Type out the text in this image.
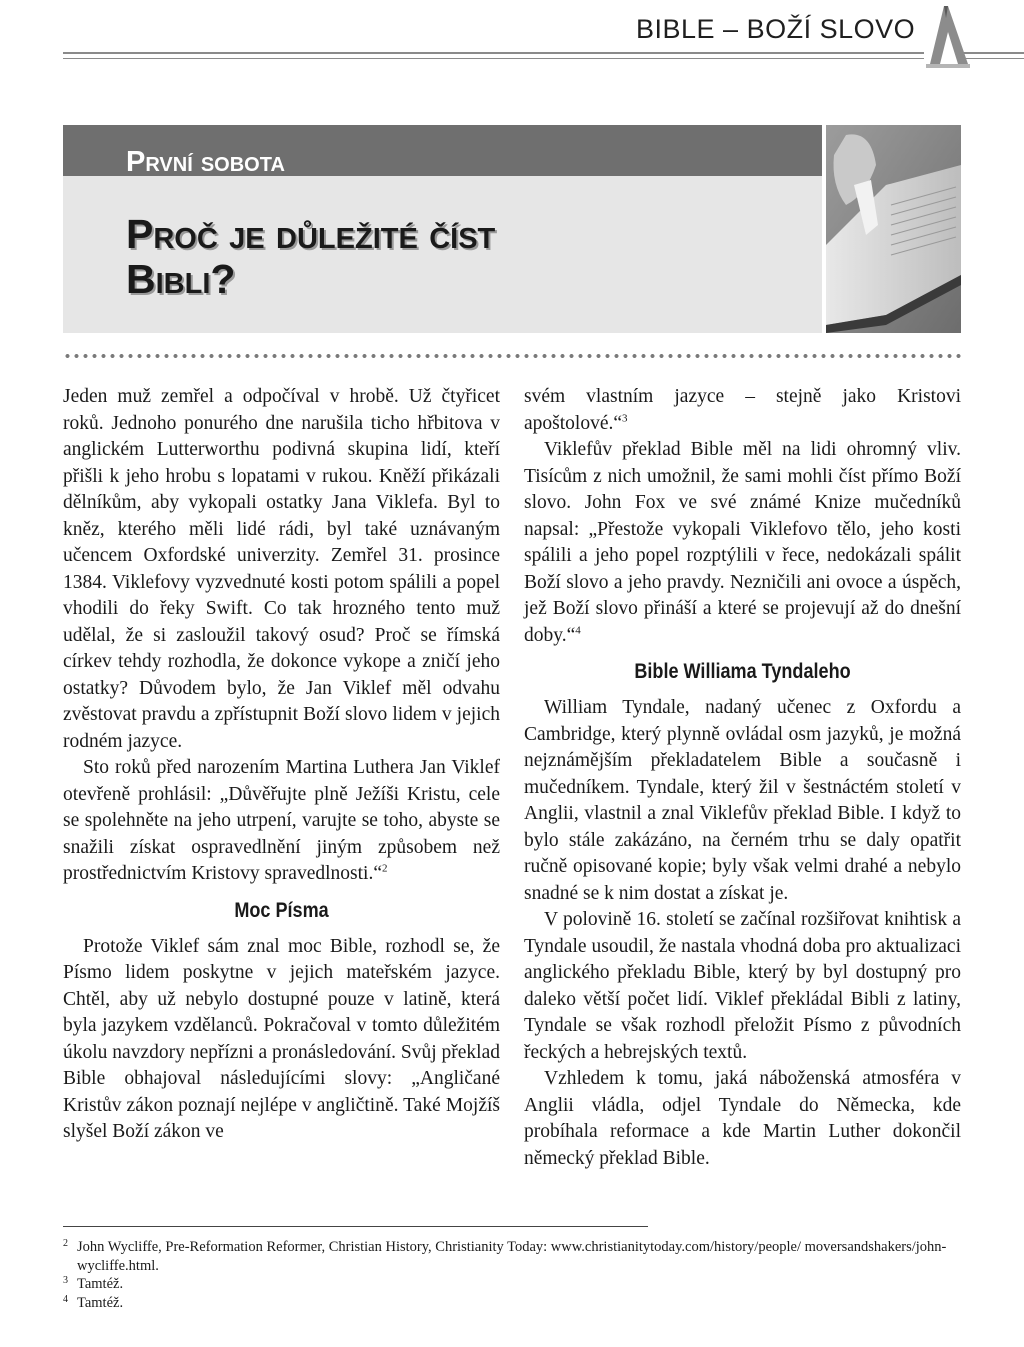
BIBLE – BOŽÍ SLOVO
První sobota
Proč je důležité číst Bibli?

Jeden muž zemřel a odpočíval v hrobě. Už čtyřicet roků. Jednoho ponurého dne narušila ticho hřbitova v anglickém Lutterworthu podivná skupina lidí, kteří přišli k jeho hrobu s lopatami v rukou. Kněží přikázali dělníkům, aby vykopali ostatky Jana Viklefa. Byl to kněz, kterého měli lidé rádi, byl také uznávaným učencem Oxfordské univerzity. Zemřel 31. prosince 1384. Viklefovy vyzvednuté kosti potom spálili a popel vhodili do řeky Swift. Co tak hrozného tento muž udělal, že si zasloužil takový osud? Proč se římská církev tehdy rozhodla, že dokonce vykope a zničí jeho ostatky? Důvodem bylo, že Jan Viklef měl odvahu zvěstovat pravdu a zpřístupnit Boží slovo lidem v jejich rodném jazyce.

Sto roků před narozením Martina Luthera Jan Viklef otevřeně prohlásil: „Důvěřujte plně Ježíši Kristu, cele se spolehněte na jeho utrpení, varujte se toho, abyste se snažili získat ospravedlnění jiným způsobem než prostřednictvím Kristovy spravedlnosti.“$^2$

Moc Písma

Protože Viklef sám znal moc Bible, rozhodl se, že Písmo lidem poskytne v jejich mateřském jazyce. Chtěl, aby už nebylo dostupné pouze v latině, která byla jazykem vzdělanců. Pokračoval v tomto důležitém úkolu navzdory nepřízni a pronásledování. Svůj překlad Bible obhajoval následujícími slovy: „Angličané Kristův zákon poznají nejlépe v angličtině. Také Mojžíš slyšel Boží zákon ve

svém vlastním jazyce – stejně jako Kristovi apoštolové.“$^3$

Viklefův překlad Bible měl na lidi ohromný vliv. Tisícům z nich umožnil, že sami mohli číst přímo Boží slovo. John Fox ve své známé Knize mučedníků napsal: „Přestože vykopali Viklefovo tělo, jeho kosti spálili a jeho popel rozptýlili v řece, nedokázali spálit Boží slovo a jeho pravdy. Nezničili ani ovoce a úspěch, jež Boží slovo přináší a které se projevují až do dnešní doby.“$^4$

Bible Williama Tyndaleho

William Tyndale, nadaný učenec z Oxfordu a Cambridge, který plynně ovládal osm jazyků, je možná nejznámějším překladatelem Bible a současně i mučedníkem. Tyndale, který žil v šestnáctém století v Anglii, vlastnil a znal Viklefův překlad Bible. I když to bylo stále zakázáno, na černém trhu se daly opatřit ručně opisované kopie; byly však velmi drahé a nebylo snadné se k nim dostat a získat je.

V polovině 16. století se začínal rozšiřovat knihtisk a Tyndale usoudil, že nastala vhodná doba pro aktualizaci anglického překladu Bible, který by byl dostupný pro daleko větší počet lidí. Viklef překládal Bibli z latiny, Tyndale se však rozhodl přeložit Písmo z původních řeckých a hebrejských textů.

Vzhledem k tomu, jaká náboženská atmosféra v Anglii vládla, odjel Tyndale do Německa, kde probíhala reformace a kde Martin Luther dokončil německý překlad Bible.

2 John Wycliffe, Pre-Reformation Reformer, Christian History, Christianity Today: www.christianitytoday.com/history/people/ moversandshakers/john-wycliffe.html.
3 Tamtéž.
4 Tamtéž.
